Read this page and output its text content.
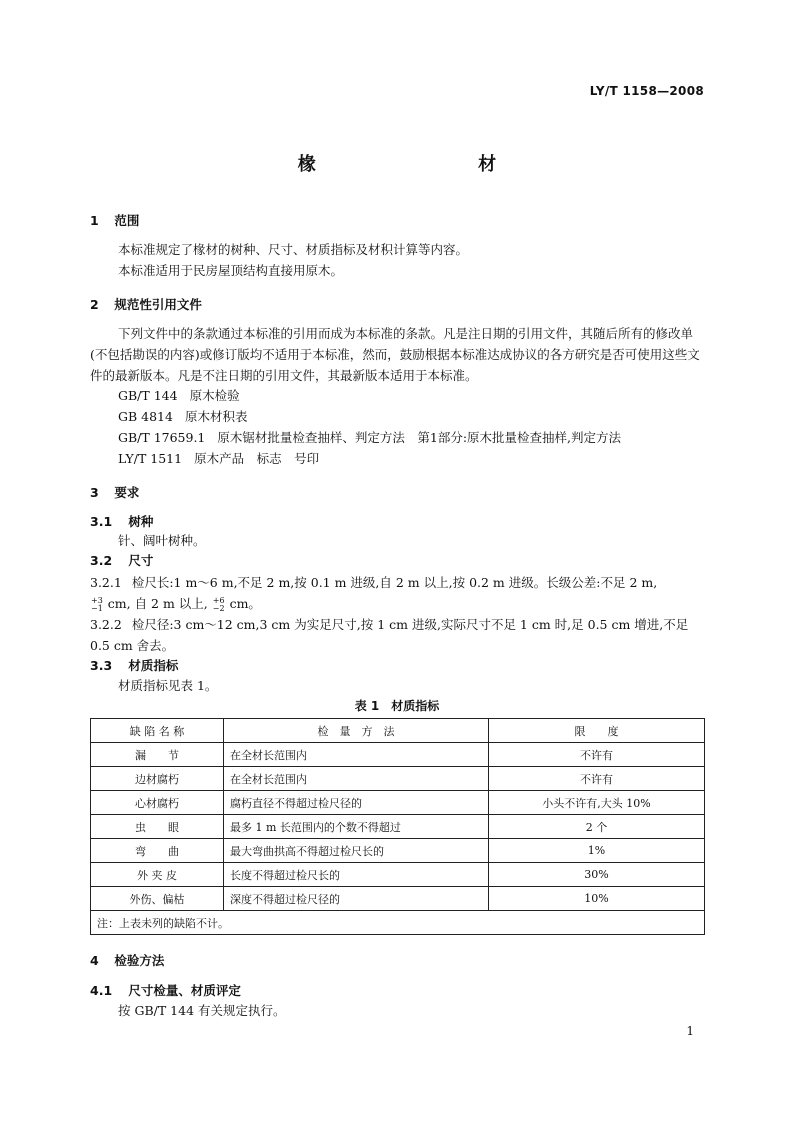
LY/T 1158—2008
椽 材
1 范围
本标准规定了椽材的树种、尺寸、材质指标及材积计算等内容。
本标准适用于民房屋顶结构直接用原木。
2 规范性引用文件
下列文件中的条款通过本标准的引用而成为本标准的条款。凡是注日期的引用文件，其随后所有的修改单(不包括勘误的内容)或修订版均不适用于本标准，然而，鼓励根据本标准达成协议的各方研究是否可使用这些文件的最新版本。凡是不注日期的引用文件，其最新版本适用于本标准。
GB/T 144 原木检验
GB 4814 原木材积表
GB/T 17659.1 原木锯材批量检查抽样、判定方法　第1部分:原木批量检查抽样,判定方法
LY/T 1511 原木产品　标志　号印
3 要求
3.1 树种
针、阔叶树种。
3.2 尺寸
3.2.1 检尺长:1 m～6 m,不足 2 m,按 0.1 m 进级,自 2 m 以上,按 0.2 m 进级。长级公差:不足 2 m,
+3
−1 cm, 自 2 m 以上, +6
−2 cm。
3.2.2 检尺径:3 cm～12 cm,3 cm 为实足尺寸,按 1 cm 进级,实际尺寸不足 1 cm 时,足 0.5 cm 增进,不足 0.5 cm 舍去。
3.3 材质指标
材质指标见表 1。
表 1　材质指标
缺 陷 名 称	检　量　方　法	限　　度
漏　　节	在全材长范围内	不许有
边材腐朽	在全材长范围内	不许有
心材腐朽	腐朽直径不得超过检尺径的	小头不许有,大头 10%
虫　　眼	最多 1 m 长范围内的个数不得超过	2 个
弯　　曲	最大弯曲拱高不得超过检尺长的	1%
外 夹 皮	长度不得超过检尺长的	30%
外伤、偏枯	深度不得超过检尺径的	10%
注：上表未列的缺陷不计。		
4 检验方法
4.1 尺寸检量、材质评定
按 GB/T 144 有关规定执行。
1
